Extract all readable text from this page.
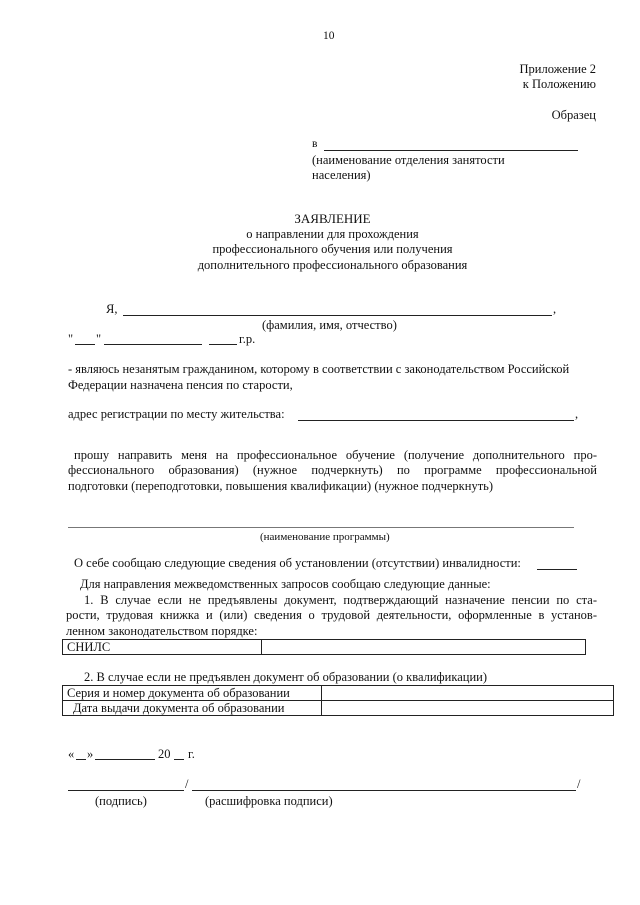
10
Приложение 2
к Положению
Образец
в
(наименование отделения занятости
населения)
ЗАЯВЛЕНИЕ
о направлении для прохождения
профессионального обучения или получения
дополнительного профессионального образования
Я,	,
(фамилия, имя, отчество)
" "	г.р.
- являюсь незанятым гражданином, которому в соответствии с законодательством Российской
Федерации назначена пенсия по старости,
адрес регистрации по месту жительства:	,
прошу направить меня на профессиональное обучение (получение дополнительного про-
фессионального образования) (нужное подчеркнуть) по программе профессиональной
подготовки (переподготовки, повышения квалификации) (нужное подчеркнуть)
(наименование программы)
О себе сообщаю следующие сведения об установлении (отсутствии) инвалидности:
Для направления межведомственных запросов сообщаю следующие данные:
1. В случае если не предъявлены документ, подтверждающий назначение пенсии по ста-
рости, трудовая книжка и (или) сведения о трудовой деятельности, оформленные в установ-
ленном законодательством порядке:
СНИЛС	
2. В случае если не предъявлен документ об образовании (о квалификации)
Серия и номер документа об образовании	
Дата выдачи документа об образовании	
« »	20 г.
/	/
(подпись)	(расшифровка подписи)
